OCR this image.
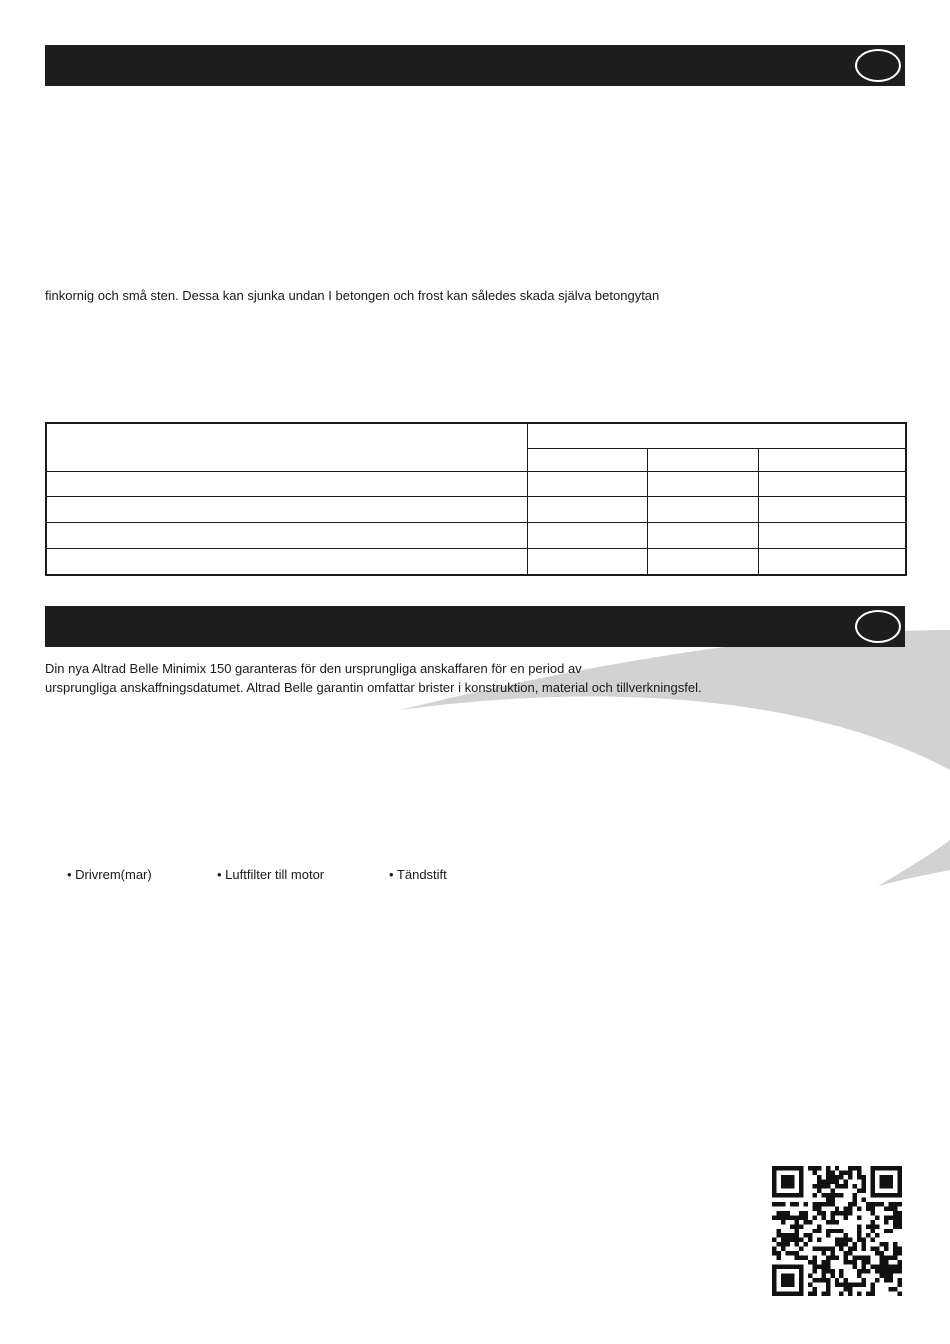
finkornig och små sten. Dessa kan sjunka undan I betongen och frost kan således skada själva betongytan

Din nya Altrad Belle Minimix 150 garanteras för den ursprungliga anskaffaren för en period av
ursprungliga anskaffningsdatumet. Altrad Belle garantin omfattar brister i konstruktion, material och tillverkningsfel.
• Drivrem(mar)	• Luftfilter till motor	• Tändstift
